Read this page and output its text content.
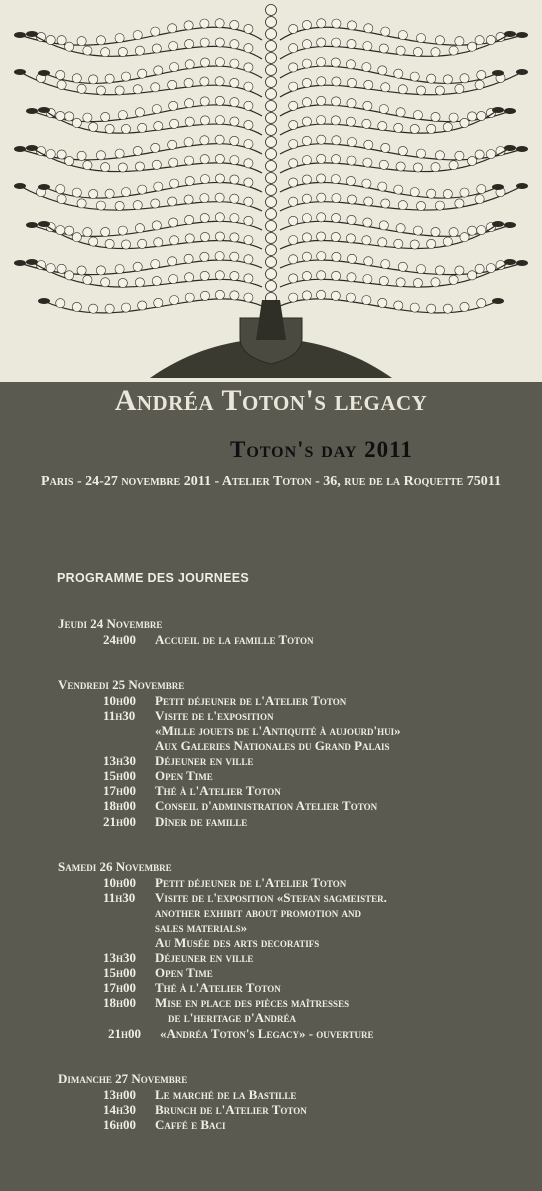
Andréa Toton's legacy
Toton's day 2011
Paris - 24-27 novembre 2011 - Atelier Toton - 36, rue de la Roquette 75011
PROGRAMME DES JOURNEES
Jeudi 24 Novembre
24h00	Accueil de la famille Toton
Vendredi 25 Novembre
10h00	Petit déjeuner de l'Atelier Toton
11h30	Visite de l'exposition
«Mille jouets de l'Antiquité à aujourd'hui»
Aux Galeries Nationales du Grand Palais
13h30	Déjeuner en ville
15h00	Open Time
17h00	Thé à l'Atelier Toton
18h00	Conseil d'administration Atelier Toton
21h00	Dîner de famille
Samedi 26 Novembre
10h00	Petit déjeuner de l'Atelier Toton
11h30	Visite de l'exposition «Stefan sagmeister.
another exhibit about promotion and
sales materials»
Au Musée des arts decoratifs
13h30	Déjeuner en ville
15h00	Open Time
17h00	Thé à l'Atelier Toton
18h00	Mise en place des pièces maîtresses
de l'heritage d'Andréa
21h00	«Andréa Toton's Legacy» - ouverture
Dimanche 27 Novembre
13h00	Le marché de la Bastille
14h30	Brunch de l'Atelier Toton
16h00	Caffé e Baci
